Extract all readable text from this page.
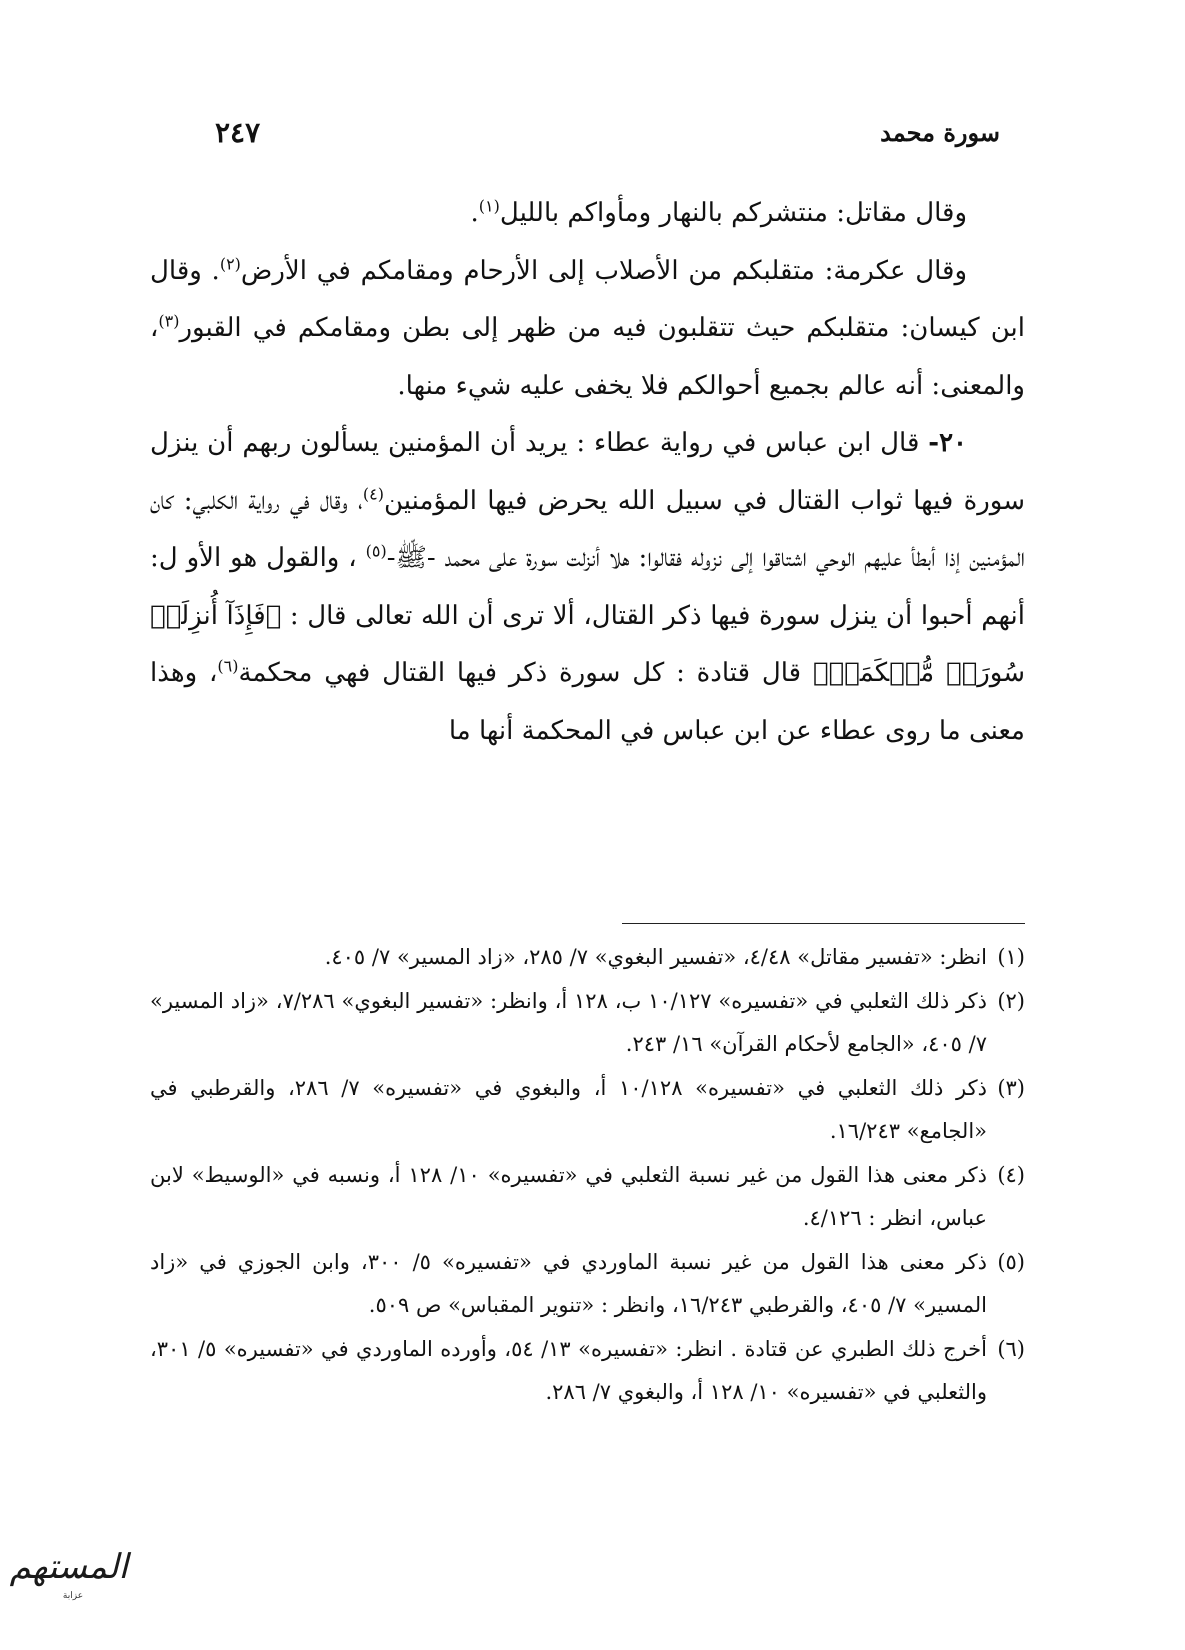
سورة محمد
٢٤٧

وقال مقاتل: منتشركم بالنهار ومأواكم بالليل$^{(١)}$.

وقال عكرمة: متقلبكم من الأصلاب إلى الأرحام ومقامكم في الأرض$^{(٢)}$. وقال ابن كيسان: متقلبكم حيث تتقلبون فيه من ظهر إلى بطن ومقامكم في القبور$^{(٣)}$، والمعنى: أنه عالم بجميع أحوالكم فلا يخفى عليه شيء منها.

٢٠- قال ابن عباس في رواية عطاء : يريد أن المؤمنين يسألون ربهم أن ينزل سورة فيها ثواب القتال في سبيل الله يحرض فيها المؤمنين$^{(٤)}$، وقال في رواية الكلبي: كان المؤمنين إذا أبطأ عليهم الوحي اشتاقوا إلى نزوله فقالوا: هلا أنزلت سورة على محمد -ﷺ-$^{(٥)}$ ، والقول هو الأو ل: أنهم أحبوا أن ينزل سورة فيها ذكر القتال، ألا ترى أن الله تعالى قال : ﴿فَإِذَآ أُنزِلَتۡ سُورَةٞ مُّحۡكَمَةٞ﴾ قال قتادة : كل سورة ذكر فيها القتال فهي محكمة$^{(٦)}$، وهذا معنى ما روى عطاء عن ابن عباس في المحكمة أنها ما

(١)
انظر: «تفسير مقاتل» ٤/٤٨، «تفسير البغوي» ٧/ ٢٨٥، «زاد المسير» ٧/ ٤٠٥.
(٢)
ذكر ذلك الثعلبي في «تفسيره» ١٠/١٢٧ ب، ١٢٨ أ، وانظر: «تفسير البغوي» ٧/٢٨٦، «زاد المسير» ٧/ ٤٠٥، «الجامع لأحكام القرآن» ١٦/ ٢٤٣.
(٣)
ذكر ذلك الثعلبي في «تفسيره» ١٠/١٢٨ أ، والبغوي في «تفسيره» ٧/ ٢٨٦، والقرطبي في «الجامع» ١٦/٢٤٣.
(٤)
ذكر معنى هذا القول من غير نسبة الثعلبي في «تفسيره» ١٠/ ١٢٨ أ، ونسبه في «الوسيط» لابن عباس، انظر : ٤/١٢٦.
(٥)
ذكر معنى هذا القول من غير نسبة الماوردي في «تفسيره» ٥/ ٣٠٠، وابن الجوزي في «زاد المسير» ٧/ ٤٠٥، والقرطبي ١٦/٢٤٣، وانظر : «تنوير المقباس» ص ٥٠٩.
(٦)
أخرج ذلك الطبري عن قتادة . انظر: «تفسيره» ١٣/ ٥٤، وأورده الماوردي في «تفسيره» ٥/ ٣٠١، والثعلبي في «تفسيره» ١٠/ ١٢٨ أ، والبغوي ٧/ ٢٨٦.
المستهم
عزابة
